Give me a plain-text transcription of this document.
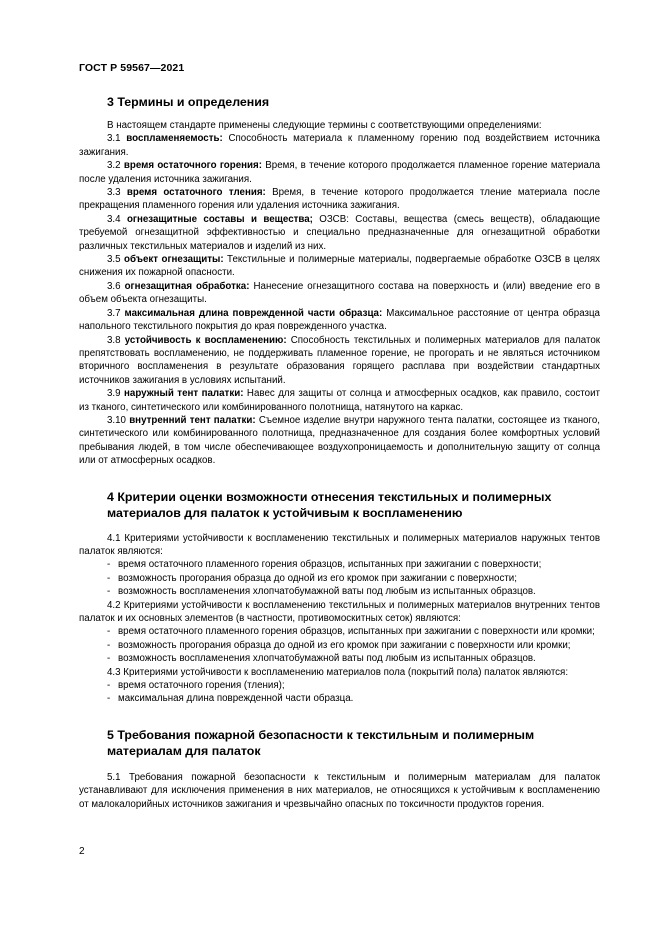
ГОСТ Р 59567—2021
3 Термины и определения
В настоящем стандарте применены следующие термины с соответствующими определениями:
3.1 воспламеняемость: Способность материала к пламенному горению под воздействием источника зажигания.
3.2 время остаточного горения: Время, в течение которого продолжается пламенное горение материала после удаления источника зажигания.
3.3 время остаточного тления: Время, в течение которого продолжается тление материала после прекращения пламенного горения или удаления источника зажигания.
3.4 огнезащитные составы и вещества; ОЗСВ: Составы, вещества (смесь веществ), обладающие требуемой огнезащитной эффективностью и специально предназначенные для огнезащитной обработки различных текстильных материалов и изделий из них.
3.5 объект огнезащиты: Текстильные и полимерные материалы, подвергаемые обработке ОЗСВ в целях снижения их пожарной опасности.
3.6 огнезащитная обработка: Нанесение огнезащитного состава на поверхность и (или) введение его в объем объекта огнезащиты.
3.7 максимальная длина поврежденной части образца: Максимальное расстояние от центра образца напольного текстильного покрытия до края поврежденного участка.
3.8 устойчивость к воспламенению: Способность текстильных и полимерных материалов для палаток препятствовать воспламенению, не поддерживать пламенное горение, не прогорать и не являться источником вторичного воспламенения в результате образования горящего расплава при воздействии стандартных источников зажигания в условиях испытаний.
3.9 наружный тент палатки: Навес для защиты от солнца и атмосферных осадков, как правило, состоит из тканого, синтетического или комбинированного полотнища, натянутого на каркас.
3.10 внутренний тент палатки: Съемное изделие внутри наружного тента палатки, состоящее из тканого, синтетического или комбинированного полотнища, предназначенное для создания более комфортных условий пребывания людей, в том числе обеспечивающее воздухопроницаемость и дополнительную защиту от солнца или от атмосферных осадков.
4 Критерии оценки возможности отнесения текстильных и полимерных
материалов для палаток к устойчивым к воспламенению
4.1 Критериями устойчивости к воспламенению текстильных и полимерных материалов наружных тентов палаток являются:
- время остаточного пламенного горения образцов, испытанных при зажигании с поверхности;
- возможность прогорания образца до одной из его кромок при зажигании с поверхности;
- возможность воспламенения хлопчатобумажной ваты под любым из испытанных образцов.
4.2 Критериями устойчивости к воспламенению текстильных и полимерных материалов внутренних тентов палаток и их основных элементов (в частности, противомоскитных сеток) являются:
- время остаточного пламенного горения образцов, испытанных при зажигании с поверхности или кромки;
- возможность прогорания образца до одной из его кромок при зажигании с поверхности или кромки;
- возможность воспламенения хлопчатобумажной ваты под любым из испытанных образцов.
4.3 Критериями устойчивости к воспламенению материалов пола (покрытий пола) палаток являются:
- время остаточного горения (тления);
- максимальная длина поврежденной части образца.
5 Требования пожарной безопасности к текстильным и полимерным
материалам для палаток
5.1 Требования пожарной безопасности к текстильным и полимерным материалам для палаток устанавливают для исключения применения в них материалов, не относящихся к устойчивым к воспламенению от малокалорийных источников зажигания и чрезвычайно опасных по токсичности продуктов горения.
2
